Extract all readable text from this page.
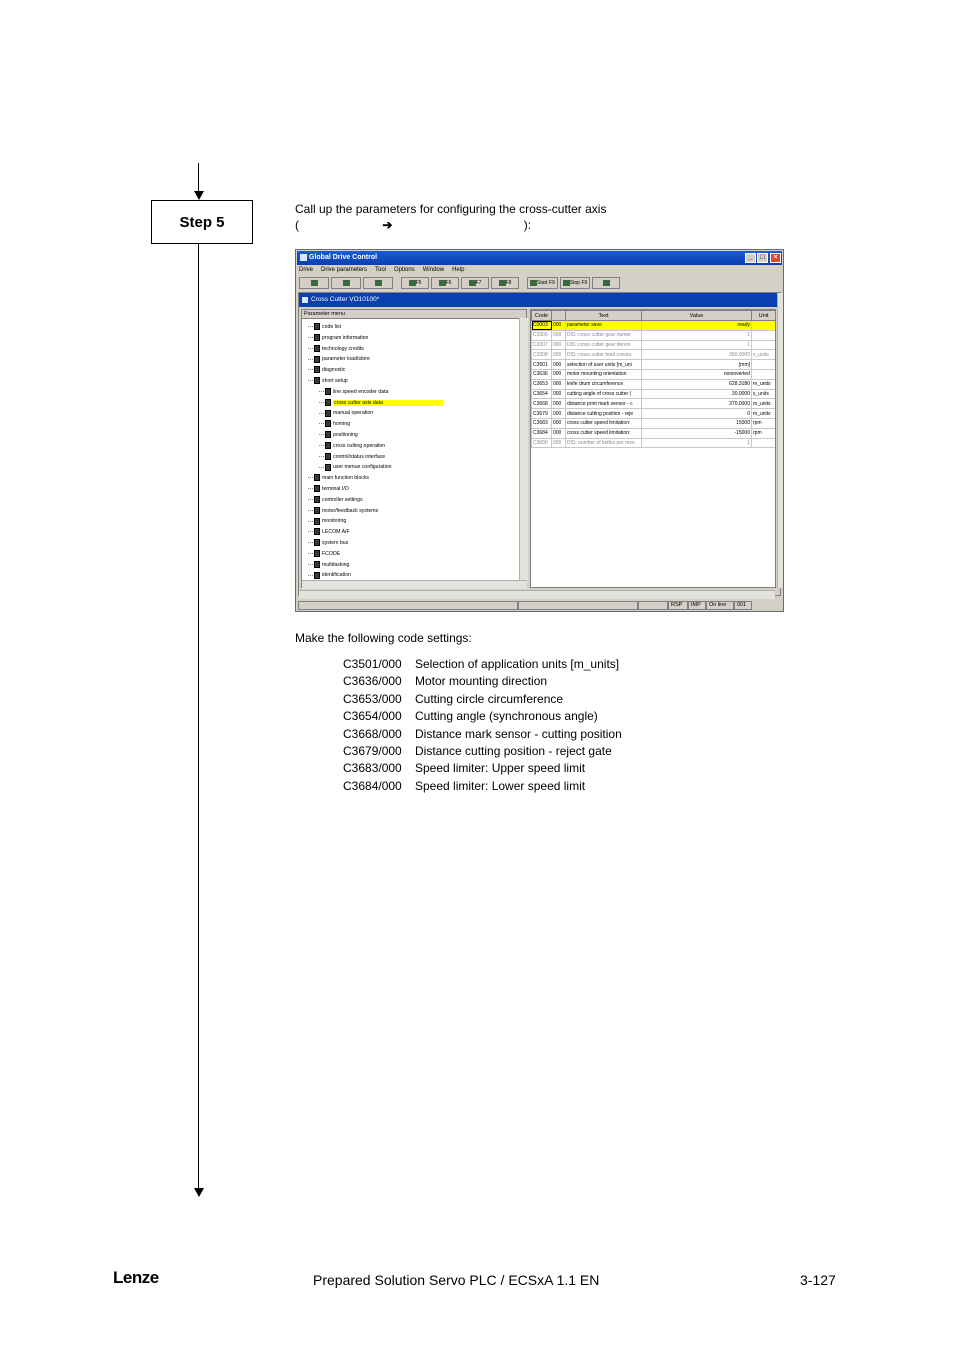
Step 5
Call up the parameters for configuring the cross-cutter axis
(	➔	):
Global Drive Control	_	□	×
Drive Drive parameters Tool Options Window Help
F5	F6	F7	F8	Start F9	Stop F9
Cross Cutter VO10100*
Parameter menu
code list
program information
technology credits
parameter load/store
diagnostic
short setup
line speed encoder data
cross cutter axis data
manual operation
homing
positioning
cross cutting operation
control/status interface
user menue configuration
main function blocks
terminal I/O
controller settings
motor/feedback systems
monitoring
LECOM A/F
system bus
FCODE
multitasking
identification
Code		Text	Value	Unit
C0003	000	parameter save	ready	
C3306	000	DIS: cross cutter gear numer	1	
C3307	000	DIS: cross cutter gear denon	1	
C3308	000	DIS: cross cutter feed consta	360.0000	s_units
C3501	000	selection of user units [m_uni	[mm]	
C3636	000	motor mounting orientation	noninverted	
C3653	000	knife drum circumference	628.3180	m_units
C3654	000	cutting angle of cross cutter (	30.0000	s_units
C3668	000	distance print mark sensor - c	370.0000	m_units
C3679	000	distance cutting position - reje	0	m_units
C3683	000	cross cutter speed limitation:	15000	rpm
C3684	000	cross cutter speed limitation:	-15000	rpm
C3690	000	DIS: number of knifes per revo	1	
RSP	IMP	On line	001
Make the following code settings:
C3501/000	Selection of application units [m_units]
C3636/000	Motor mounting direction
C3653/000	Cutting circle circumference
C3654/000	Cutting angle (synchronous angle)
C3668/000	Distance mark sensor - cutting position
C3679/000	Distance cutting position - reject gate
C3683/000	Speed limiter: Upper speed limit
C3684/000	Speed limiter: Lower speed limit
Lenze	Prepared Solution Servo PLC / ECSxA 1.1 EN	3-127
